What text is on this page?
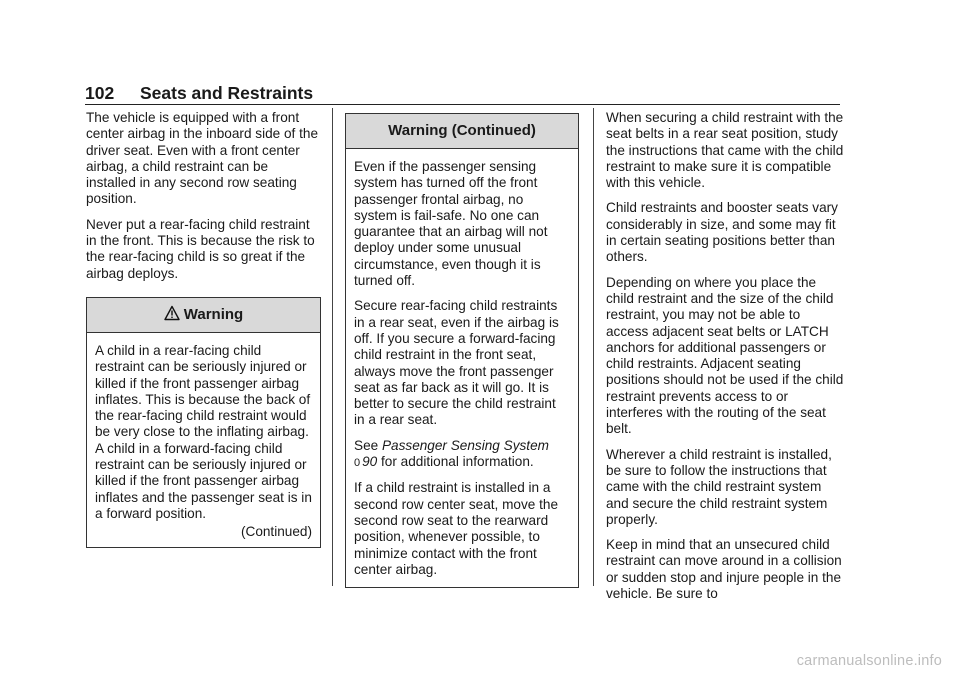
102 Seats and Restraints

The vehicle is equipped with a front center airbag in the inboard side of the driver seat. Even with a front center airbag, a child restraint can be installed in any second row seating position.

Never put a rear-facing child restraint in the front. This is because the risk to the rear-facing child is so great if the airbag deploys.

Warning

A child in a rear-facing child restraint can be seriously injured or killed if the front passenger airbag inflates. This is because the back of the rear-facing child restraint would be very close to the inflating airbag. A child in a forward-facing child restraint can be seriously injured or killed if the front passenger airbag inflates and the passenger seat is in a forward position.

(Continued)
Warning (Continued)

Even if the passenger sensing system has turned off the front passenger frontal airbag, no system is fail-safe. No one can guarantee that an airbag will not deploy under some unusual circumstance, even though it is turned off.

Secure rear-facing child restraints in a rear seat, even if the airbag is off. If you secure a forward-facing child restraint in the front seat, always move the front passenger seat as far back as it will go. It is better to secure the child restraint in a rear seat.

See Passenger Sensing System
0 90 for additional information.

If a child restraint is installed in a second row center seat, move the second row seat to the rearward position, whenever possible, to minimize contact with the front center airbag.

When securing a child restraint with the seat belts in a rear seat position, study the instructions that came with the child restraint to make sure it is compatible with this vehicle.

Child restraints and booster seats vary considerably in size, and some may fit in certain seating positions better than others.

Depending on where you place the child restraint and the size of the child restraint, you may not be able to access adjacent seat belts or LATCH anchors for additional passengers or child restraints. Adjacent seating positions should not be used if the child restraint prevents access to or interferes with the routing of the seat belt.

Wherever a child restraint is installed, be sure to follow the instructions that came with the child restraint system and secure the child restraint system properly.

Keep in mind that an unsecured child restraint can move around in a collision or sudden stop and injure people in the vehicle. Be sure to

carmanualsonline.info
